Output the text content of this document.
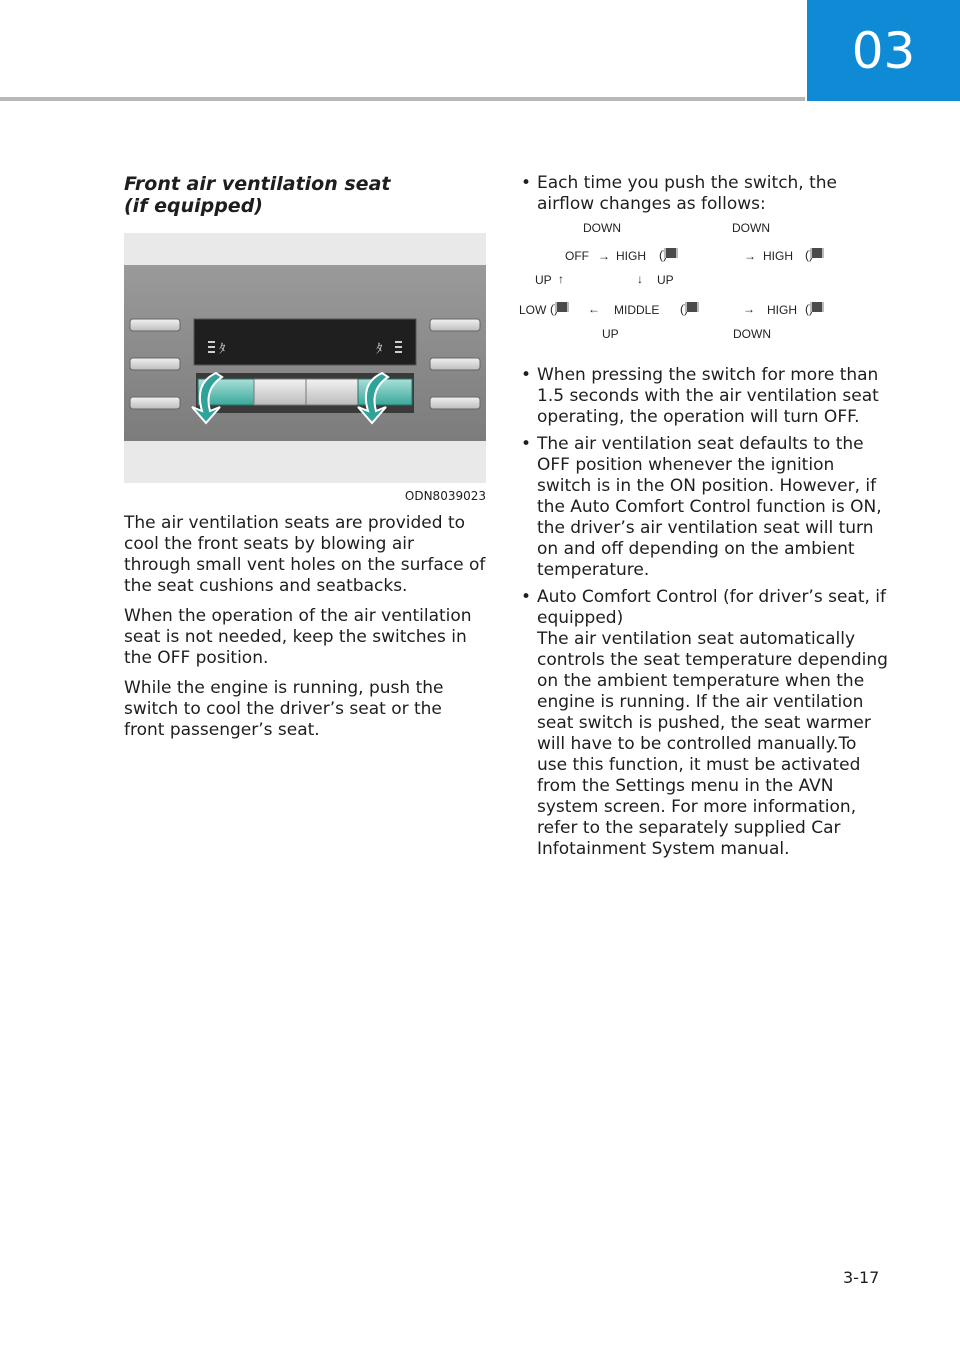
03
Front air ventilation seat
(if equipped)
ﾀ	ﾀ
ODN8039023

The air ventilation seats are provided to cool the front seats by blowing air through small vent holes on the surface of the seat cushions and seatbacks.

When the operation of the air ventilation seat is not needed, keep the switches in the OFF position.

While the engine is running, push the switch to cool the driver’s seat or the front passenger’s seat.

• Each time you push the switch, the airflow changes as follows:
DOWN	DOWN
OFF → HIGH (	→ HIGH (
UP ↑	↓ UP
LOW (	← MIDDLE (	→ HIGH (
UP	DOWN
• When pressing the switch for more than 1.5 seconds with the air ventilation seat operating, the operation will turn OFF.
• The air ventilation seat defaults to the OFF position whenever the ignition switch is in the ON position. However, if the Auto Comfort Control function is ON, the driver’s air ventilation seat will turn on and off depending on the ambient temperature.
• Auto Comfort Control (for driver’s seat, if equipped)
The air ventilation seat automatically controls the seat temperature depending on the ambient temperature when the engine is running. If the air ventilation seat switch is pushed, the seat warmer will have to be controlled manually.To use this function, it must be activated from the Settings menu in the AVN system screen. For more information, refer to the separately supplied Car Infotainment System manual.
3-17
